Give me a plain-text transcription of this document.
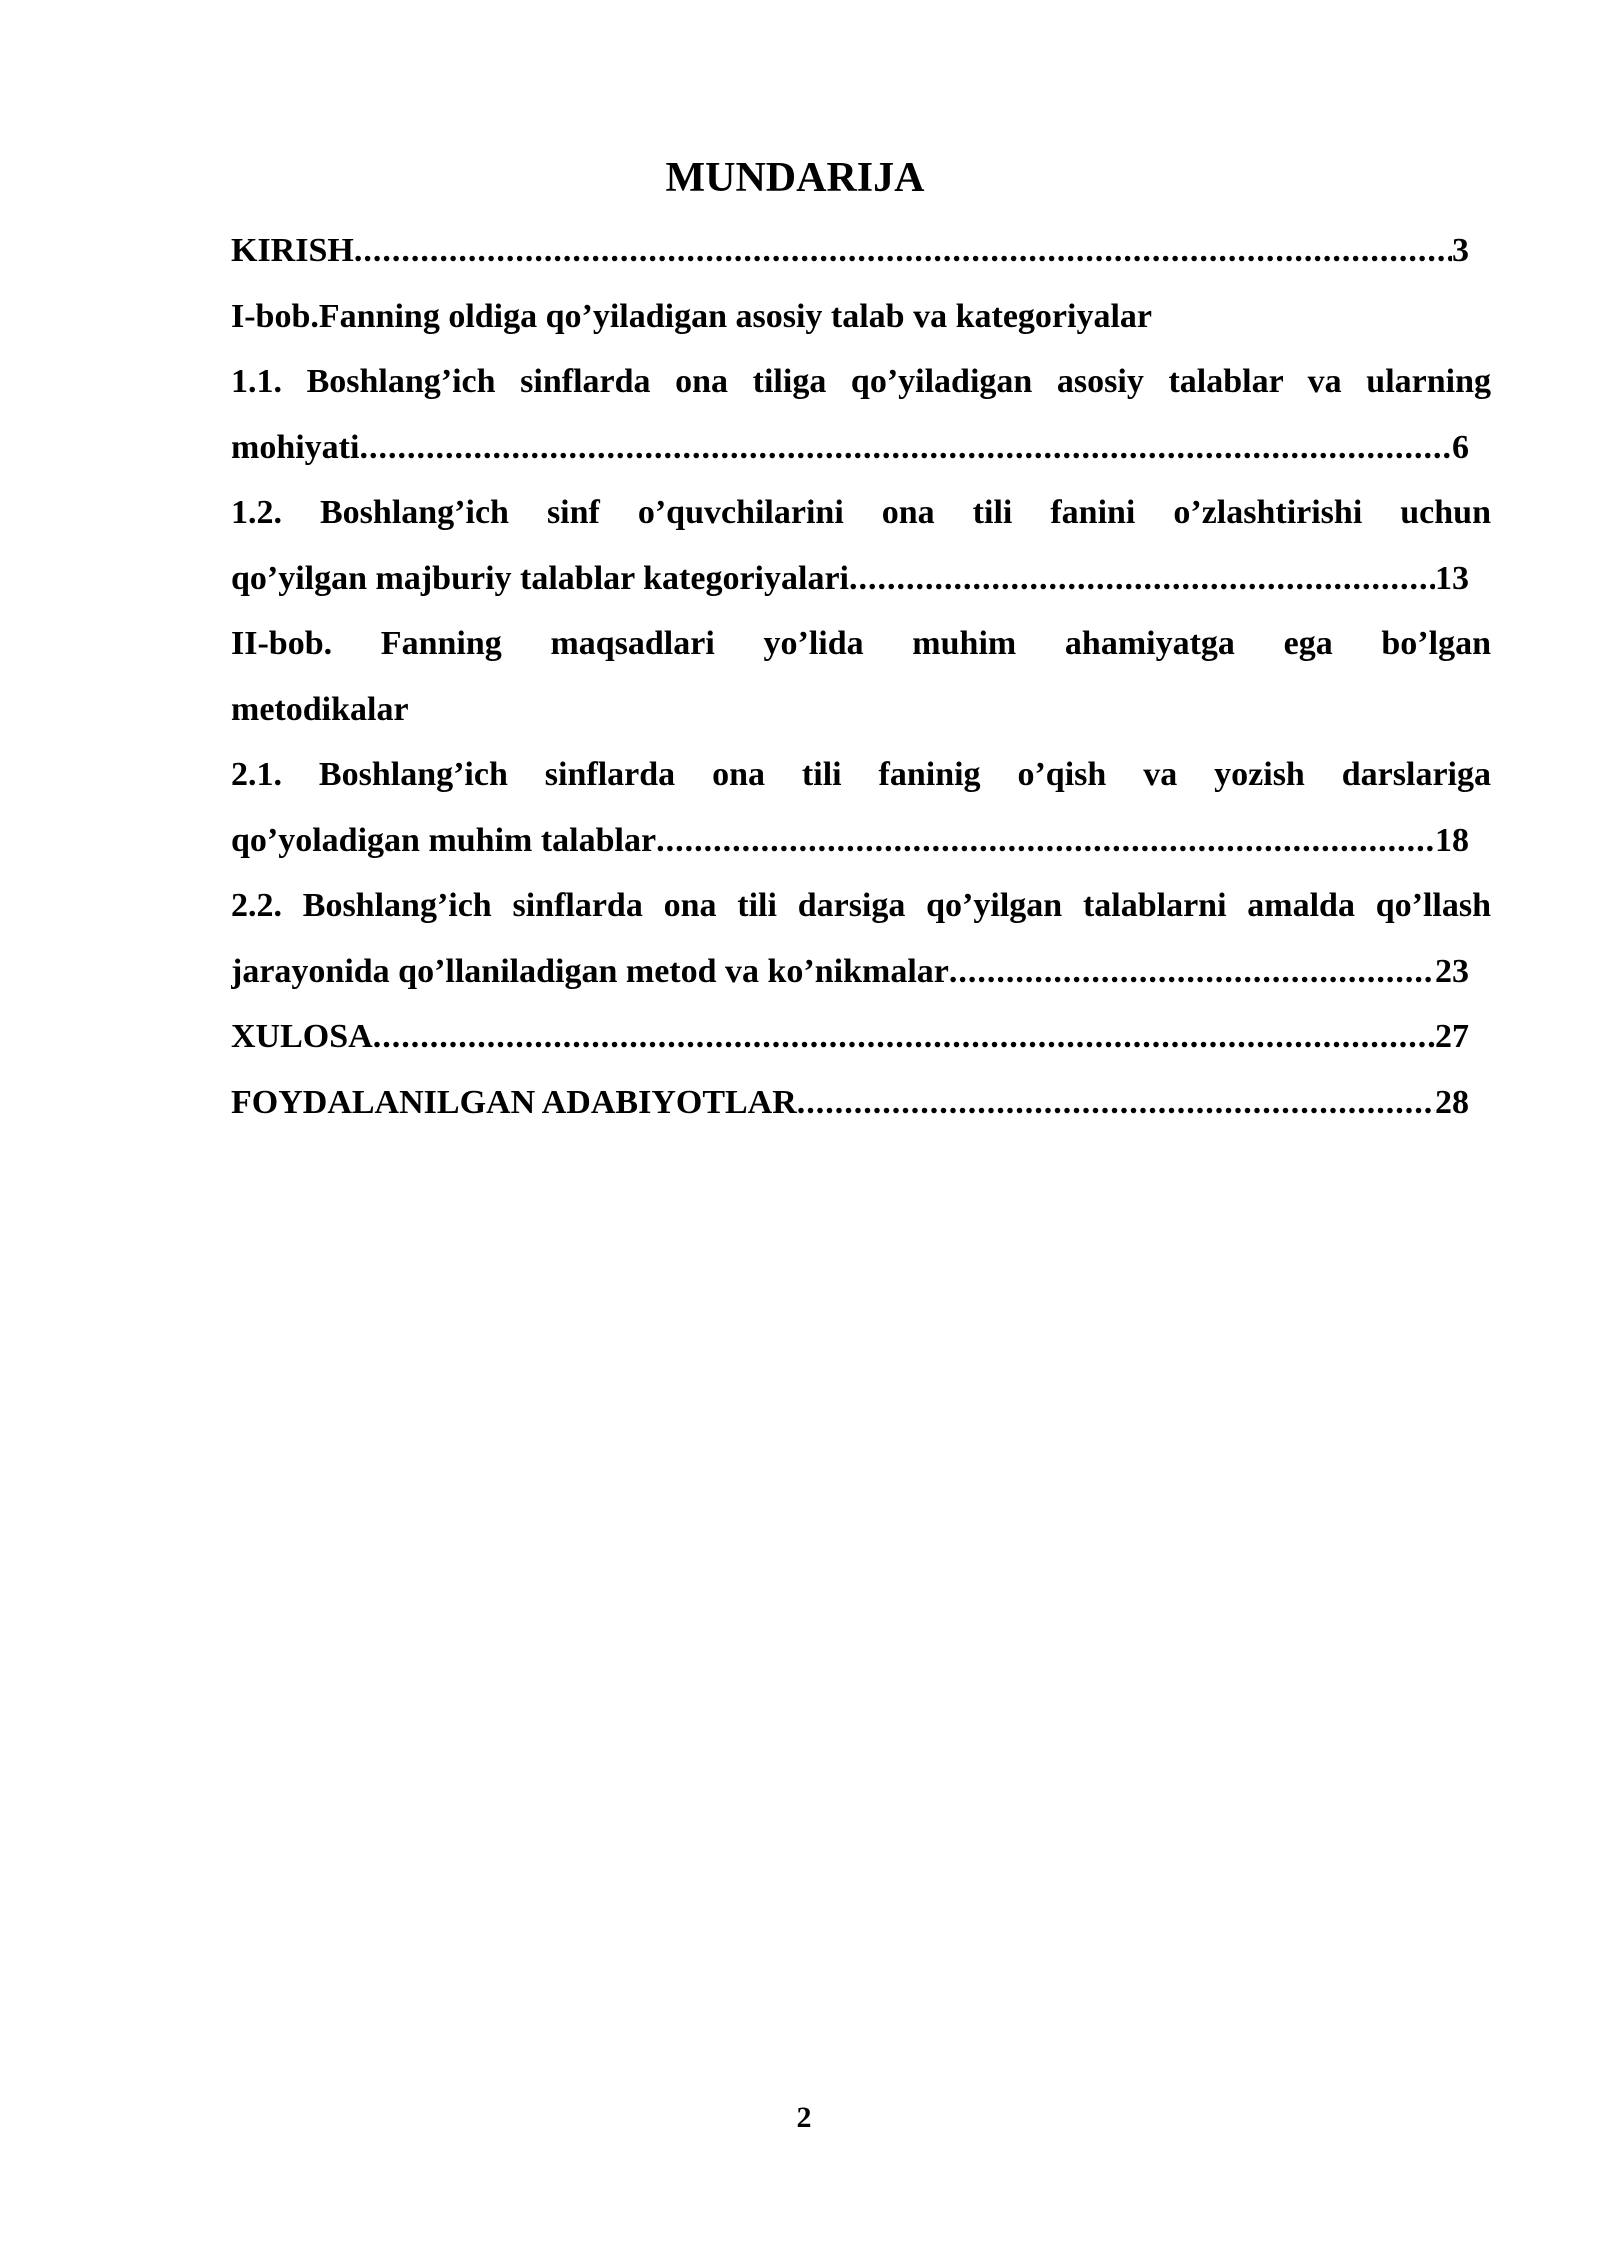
MUNDARIJA
KIRISH .....	3
I-bob.Fanning oldiga qo’yiladigan asosiy talab va kategoriyalar
1.1. Boshlang’ich sinflarda ona tiliga qo’yiladigan asosiy talablar va ularning
mohiyati .....	6
1.2. Boshlang’ich sinf o’quvchilarini ona tili fanini o’zlashtirishi uchun
qo’yilgan majburiy talablar kategoriyalari .....	13
II-bob. Fanning maqsadlari yo’lida muhim ahamiyatga ega bo’lgan
metodikalar
2.1. Boshlang’ich sinflarda ona tili faninig o’qish va yozish darslariga
qo’yoladigan muhim talablar .....	18
2.2. Boshlang’ich sinflarda ona tili darsiga qo’yilgan talablarni amalda qo’llash
jarayonida qo’llaniladigan metod va ko’nikmalar .....	23
XULOSA .....	27
FOYDALANILGAN ADABIYOTLAR .....	28
2
